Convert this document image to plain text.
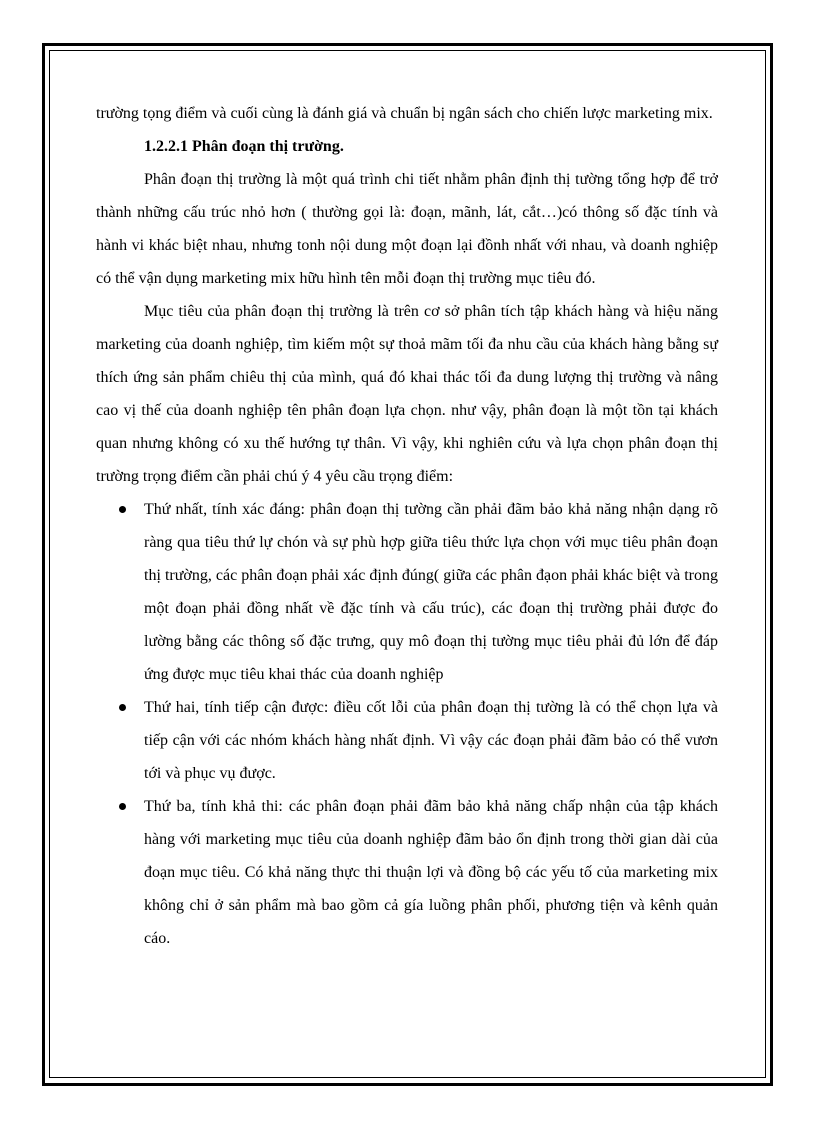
trường tọng điểm và cuối cùng là đánh giá và chuẩn bị ngân sách cho chiến lược marketing mix.

1.2.2.1 Phân đoạn thị trường.

Phân đoạn thị trường là một quá trình chi tiết nhằm phân định thị tường tổng hợp để trở thành những cấu trúc nhỏ hơn ( thường gọi là: đoạn, mãnh, lát, cắt…)có thông số đặc tính và hành vi khác biệt nhau, nhưng tonh nội dung một đoạn lại đồnh nhất với nhau, và doanh nghiệp có thể vận dụng marketing mix hữu hình tên mỗi đoạn thị trường mục tiêu đó.

Mục tiêu của phân đoạn thị trường là trên cơ sở phân tích tập khách hàng và hiệu năng marketing của doanh nghiệp, tìm kiếm một sự thoả mãm tối đa nhu cầu của khách hàng bằng sự thích ứng sản phẩm chiêu thị của mình, quá đó khai thác tối đa dung lượng thị trường và nâng cao vị thế của doanh nghiệp tên phân đoạn lựa chọn. như vậy, phân đoạn là một tồn tại khách quan nhưng không có xu thế hướng tự thân. Vì vậy, khi nghiên cứu và lựa chọn phân đoạn thị trường trọng điểm cần phải chú ý 4 yêu cầu trọng điểm:

Thứ nhất, tính xác đáng: phân đoạn thị tường cần phải đãm bảo khả năng nhận dạng rõ ràng qua tiêu thứ lự chón và sự phù hợp giữa tiêu thức lựa chọn với mục tiêu phân đoạn thị trường, các phân đoạn phải xác định đúng( giữa các phân đạon phải khác biệt và trong một đoạn phải đồng nhất về đặc tính và cấu trúc), các đoạn thị trường phải được đo lường bằng các thông số đặc trưng, quy mô đoạn thị tường mục tiêu phải đủ lớn để đáp ứng được mục tiêu khai thác của doanh nghiệp
Thứ hai, tính tiếp cận được: điều cốt lỗi của phân đoạn thị tường là có thể chọn lựa và tiếp cận với các nhóm khách hàng nhất định. Vì vậy các đoạn phải đãm bảo có thể vươn tới và phục vụ được.
Thứ ba, tính khả thi: các phân đoạn phải đãm bảo khả năng chấp nhận của tập khách hàng với marketing mục tiêu của doanh nghiệp đãm bảo ổn định trong thời gian dài của đoạn mục tiêu. Có khả năng thực thi thuận lợi và đồng bộ các yếu tố của marketing mix không chỉ ở sản phẩm mà bao gồm cả gía luồng phân phối, phương tiện và kênh quản cáo.
